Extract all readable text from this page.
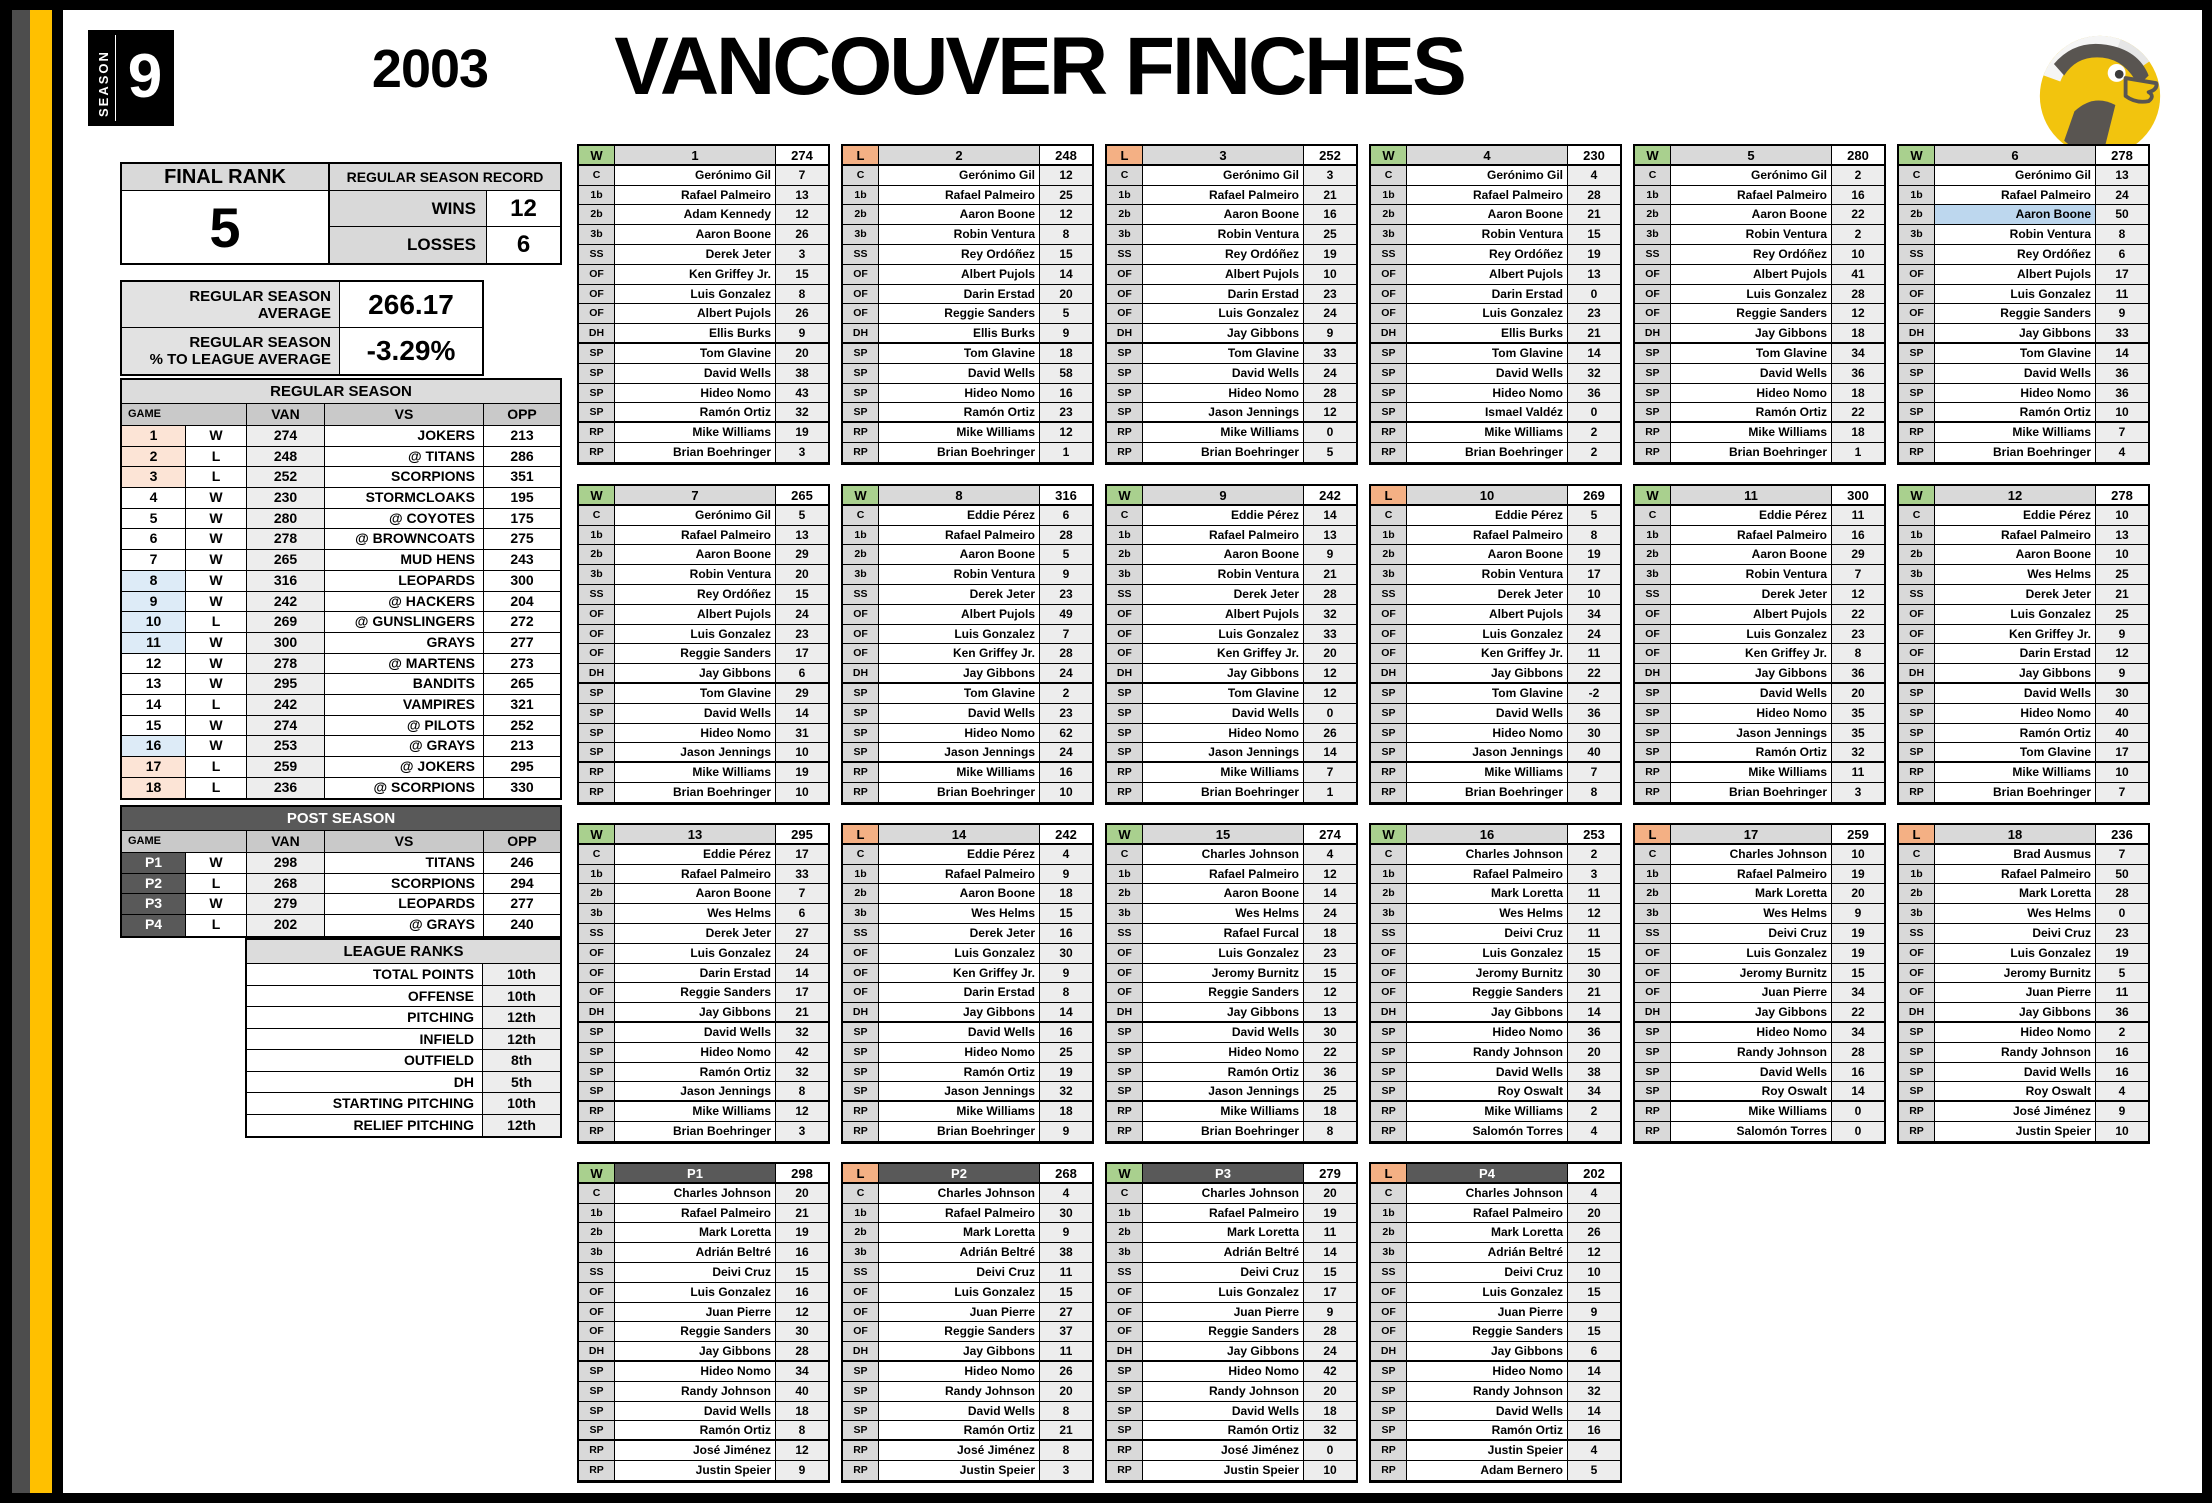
SEASON 9	2003	VANCOUVER FINCHES
FINAL RANK
5
REGULAR SEASON RECORD
WINS	12
LOSSES	6
REGULAR SEASON
AVERAGE	266.17
REGULAR SEASON
% TO LEAGUE AVERAGE	-3.29%
REGULAR SEASON
GAME	VAN	VS	OPP
1	W	274	JOKERS	213
2	L	248	@ TITANS	286
3	L	252	SCORPIONS	351
4	W	230	STORMCLOAKS	195
5	W	280	@ COYOTES	175
6	W	278	@ BROWNCOATS	275
7	W	265	MUD HENS	243
8	W	316	LEOPARDS	300
9	W	242	@ HACKERS	204
10	L	269	@ GUNSLINGERS	272
11	W	300	GRAYS	277
12	W	278	@ MARTENS	273
13	W	295	BANDITS	265
14	L	242	VAMPIRES	321
15	W	274	@ PILOTS	252
16	W	253	@ GRAYS	213
17	L	259	@ JOKERS	295
18	L	236	@ SCORPIONS	330
POST SEASON
GAME	VAN	VS	OPP
P1	W	298	TITANS	246
P2	L	268	SCORPIONS	294
P3	W	279	LEOPARDS	277
P4	L	202	@ GRAYS	240
LEAGUE RANKS
TOTAL POINTS	10th
OFFENSE	10th
PITCHING	12th
INFIELD	12th
OUTFIELD	8th
DH	5th
STARTING PITCHING	10th
RELIEF PITCHING	12th
W	1	274
C	Gerónimo Gil	7
1b	Rafael Palmeiro	13
2b	Adam Kennedy	12
3b	Aaron Boone	26
SS	Derek Jeter	3
OF	Ken Griffey Jr.	15
OF	Luis Gonzalez	8
OF	Albert Pujols	26
DH	Ellis Burks	9
SP	Tom Glavine	20
SP	David Wells	38
SP	Hideo Nomo	43
SP	Ramón Ortiz	32
RP	Mike Williams	19
RP	Brian Boehringer	3
L	2	248
C	Gerónimo Gil	12
1b	Rafael Palmeiro	25
2b	Aaron Boone	12
3b	Robin Ventura	8
SS	Rey Ordóñez	15
OF	Albert Pujols	14
OF	Darin Erstad	20
OF	Reggie Sanders	5
DH	Ellis Burks	9
SP	Tom Glavine	18
SP	David Wells	58
SP	Hideo Nomo	16
SP	Ramón Ortiz	23
RP	Mike Williams	12
RP	Brian Boehringer	1
L	3	252
C	Gerónimo Gil	3
1b	Rafael Palmeiro	21
2b	Aaron Boone	16
3b	Robin Ventura	25
SS	Rey Ordóñez	19
OF	Albert Pujols	10
OF	Darin Erstad	23
OF	Luis Gonzalez	24
DH	Jay Gibbons	9
SP	Tom Glavine	33
SP	David Wells	24
SP	Hideo Nomo	28
SP	Jason Jennings	12
RP	Mike Williams	0
RP	Brian Boehringer	5
W	4	230
C	Gerónimo Gil	4
1b	Rafael Palmeiro	28
2b	Aaron Boone	21
3b	Robin Ventura	15
SS	Rey Ordóñez	19
OF	Albert Pujols	13
OF	Darin Erstad	0
OF	Luis Gonzalez	23
DH	Ellis Burks	21
SP	Tom Glavine	14
SP	David Wells	32
SP	Hideo Nomo	36
SP	Ismael Valdéz	0
RP	Mike Williams	2
RP	Brian Boehringer	2
W	5	280
C	Gerónimo Gil	2
1b	Rafael Palmeiro	16
2b	Aaron Boone	22
3b	Robin Ventura	2
SS	Rey Ordóñez	10
OF	Albert Pujols	41
OF	Luis Gonzalez	28
OF	Reggie Sanders	12
DH	Jay Gibbons	18
SP	Tom Glavine	34
SP	David Wells	36
SP	Hideo Nomo	18
SP	Ramón Ortiz	22
RP	Mike Williams	18
RP	Brian Boehringer	1
W	6	278
C	Gerónimo Gil	13
1b	Rafael Palmeiro	24
2b	Aaron Boone	50
3b	Robin Ventura	8
SS	Rey Ordóñez	6
OF	Albert Pujols	17
OF	Luis Gonzalez	11
OF	Reggie Sanders	9
DH	Jay Gibbons	33
SP	Tom Glavine	14
SP	David Wells	36
SP	Hideo Nomo	36
SP	Ramón Ortiz	10
RP	Mike Williams	7
RP	Brian Boehringer	4
W	7	265
C	Gerónimo Gil	5
1b	Rafael Palmeiro	13
2b	Aaron Boone	29
3b	Robin Ventura	20
SS	Rey Ordóñez	15
OF	Albert Pujols	24
OF	Luis Gonzalez	23
OF	Reggie Sanders	17
DH	Jay Gibbons	6
SP	Tom Glavine	29
SP	David Wells	14
SP	Hideo Nomo	31
SP	Jason Jennings	10
RP	Mike Williams	19
RP	Brian Boehringer	10
W	8	316
C	Eddie Pérez	6
1b	Rafael Palmeiro	28
2b	Aaron Boone	5
3b	Robin Ventura	9
SS	Derek Jeter	23
OF	Albert Pujols	49
OF	Luis Gonzalez	7
OF	Ken Griffey Jr.	28
DH	Jay Gibbons	24
SP	Tom Glavine	2
SP	David Wells	23
SP	Hideo Nomo	62
SP	Jason Jennings	24
RP	Mike Williams	16
RP	Brian Boehringer	10
W	9	242
C	Eddie Pérez	14
1b	Rafael Palmeiro	13
2b	Aaron Boone	9
3b	Robin Ventura	21
SS	Derek Jeter	28
OF	Albert Pujols	32
OF	Luis Gonzalez	33
OF	Ken Griffey Jr.	20
DH	Jay Gibbons	12
SP	Tom Glavine	12
SP	David Wells	0
SP	Hideo Nomo	26
SP	Jason Jennings	14
RP	Mike Williams	7
RP	Brian Boehringer	1
L	10	269
C	Eddie Pérez	5
1b	Rafael Palmeiro	8
2b	Aaron Boone	19
3b	Robin Ventura	17
SS	Derek Jeter	10
OF	Albert Pujols	34
OF	Luis Gonzalez	24
OF	Ken Griffey Jr.	11
DH	Jay Gibbons	22
SP	Tom Glavine	-2
SP	David Wells	36
SP	Hideo Nomo	30
SP	Jason Jennings	40
RP	Mike Williams	7
RP	Brian Boehringer	8
W	11	300
C	Eddie Pérez	11
1b	Rafael Palmeiro	16
2b	Aaron Boone	29
3b	Robin Ventura	7
SS	Derek Jeter	12
OF	Albert Pujols	22
OF	Luis Gonzalez	23
OF	Ken Griffey Jr.	8
DH	Jay Gibbons	36
SP	David Wells	20
SP	Hideo Nomo	35
SP	Jason Jennings	35
SP	Ramón Ortiz	32
RP	Mike Williams	11
RP	Brian Boehringer	3
W	12	278
C	Eddie Pérez	10
1b	Rafael Palmeiro	13
2b	Aaron Boone	10
3b	Wes Helms	25
SS	Derek Jeter	21
OF	Luis Gonzalez	25
OF	Ken Griffey Jr.	9
OF	Darin Erstad	12
DH	Jay Gibbons	9
SP	David Wells	30
SP	Hideo Nomo	40
SP	Ramón Ortiz	40
SP	Tom Glavine	17
RP	Mike Williams	10
RP	Brian Boehringer	7
W	13	295
C	Eddie Pérez	17
1b	Rafael Palmeiro	33
2b	Aaron Boone	7
3b	Wes Helms	6
SS	Derek Jeter	27
OF	Luis Gonzalez	24
OF	Darin Erstad	14
OF	Reggie Sanders	17
DH	Jay Gibbons	21
SP	David Wells	32
SP	Hideo Nomo	42
SP	Ramón Ortiz	32
SP	Jason Jennings	8
RP	Mike Williams	12
RP	Brian Boehringer	3
L	14	242
C	Eddie Pérez	4
1b	Rafael Palmeiro	9
2b	Aaron Boone	18
3b	Wes Helms	15
SS	Derek Jeter	16
OF	Luis Gonzalez	30
OF	Ken Griffey Jr.	9
OF	Darin Erstad	8
DH	Jay Gibbons	14
SP	David Wells	16
SP	Hideo Nomo	25
SP	Ramón Ortiz	19
SP	Jason Jennings	32
RP	Mike Williams	18
RP	Brian Boehringer	9
W	15	274
C	Charles Johnson	4
1b	Rafael Palmeiro	12
2b	Aaron Boone	14
3b	Wes Helms	24
SS	Rafael Furcal	18
OF	Luis Gonzalez	23
OF	Jeromy Burnitz	15
OF	Reggie Sanders	12
DH	Jay Gibbons	13
SP	David Wells	30
SP	Hideo Nomo	22
SP	Ramón Ortiz	36
SP	Jason Jennings	25
RP	Mike Williams	18
RP	Brian Boehringer	8
W	16	253
C	Charles Johnson	2
1b	Rafael Palmeiro	3
2b	Mark Loretta	11
3b	Wes Helms	12
SS	Deivi Cruz	11
OF	Luis Gonzalez	15
OF	Jeromy Burnitz	30
OF	Reggie Sanders	21
DH	Jay Gibbons	14
SP	Hideo Nomo	36
SP	Randy Johnson	20
SP	David Wells	38
SP	Roy Oswalt	34
RP	Mike Williams	2
RP	Salomón Torres	4
L	17	259
C	Charles Johnson	10
1b	Rafael Palmeiro	19
2b	Mark Loretta	20
3b	Wes Helms	9
SS	Deivi Cruz	19
OF	Luis Gonzalez	19
OF	Jeromy Burnitz	15
OF	Juan Pierre	34
DH	Jay Gibbons	22
SP	Hideo Nomo	34
SP	Randy Johnson	28
SP	David Wells	16
SP	Roy Oswalt	14
RP	Mike Williams	0
RP	Salomón Torres	0
L	18	236
C	Brad Ausmus	7
1b	Rafael Palmeiro	50
2b	Mark Loretta	28
3b	Wes Helms	0
SS	Deivi Cruz	23
OF	Luis Gonzalez	19
OF	Jeromy Burnitz	5
OF	Juan Pierre	11
DH	Jay Gibbons	36
SP	Hideo Nomo	2
SP	Randy Johnson	16
SP	David Wells	16
SP	Roy Oswalt	4
RP	José Jiménez	9
RP	Justin Speier	10
W	P1	298
C	Charles Johnson	20
1b	Rafael Palmeiro	21
2b	Mark Loretta	19
3b	Adrián Beltré	16
SS	Deivi Cruz	15
OF	Luis Gonzalez	16
OF	Juan Pierre	12
OF	Reggie Sanders	30
DH	Jay Gibbons	28
SP	Hideo Nomo	34
SP	Randy Johnson	40
SP	David Wells	18
SP	Ramón Ortiz	8
RP	José Jiménez	12
RP	Justin Speier	9
L	P2	268
C	Charles Johnson	4
1b	Rafael Palmeiro	30
2b	Mark Loretta	9
3b	Adrián Beltré	38
SS	Deivi Cruz	11
OF	Luis Gonzalez	15
OF	Juan Pierre	27
OF	Reggie Sanders	37
DH	Jay Gibbons	11
SP	Hideo Nomo	26
SP	Randy Johnson	20
SP	David Wells	8
SP	Ramón Ortiz	21
RP	José Jiménez	8
RP	Justin Speier	3
W	P3	279
C	Charles Johnson	20
1b	Rafael Palmeiro	19
2b	Mark Loretta	11
3b	Adrián Beltré	14
SS	Deivi Cruz	15
OF	Luis Gonzalez	17
OF	Juan Pierre	9
OF	Reggie Sanders	28
DH	Jay Gibbons	24
SP	Hideo Nomo	42
SP	Randy Johnson	20
SP	David Wells	18
SP	Ramón Ortiz	32
RP	José Jiménez	0
RP	Justin Speier	10
L	P4	202
C	Charles Johnson	4
1b	Rafael Palmeiro	20
2b	Mark Loretta	26
3b	Adrián Beltré	12
SS	Deivi Cruz	10
OF	Luis Gonzalez	15
OF	Juan Pierre	9
OF	Reggie Sanders	15
DH	Jay Gibbons	6
SP	Hideo Nomo	14
SP	Randy Johnson	32
SP	David Wells	14
SP	Ramón Ortiz	16
RP	Justin Speier	4
RP	Adam Bernero	5
